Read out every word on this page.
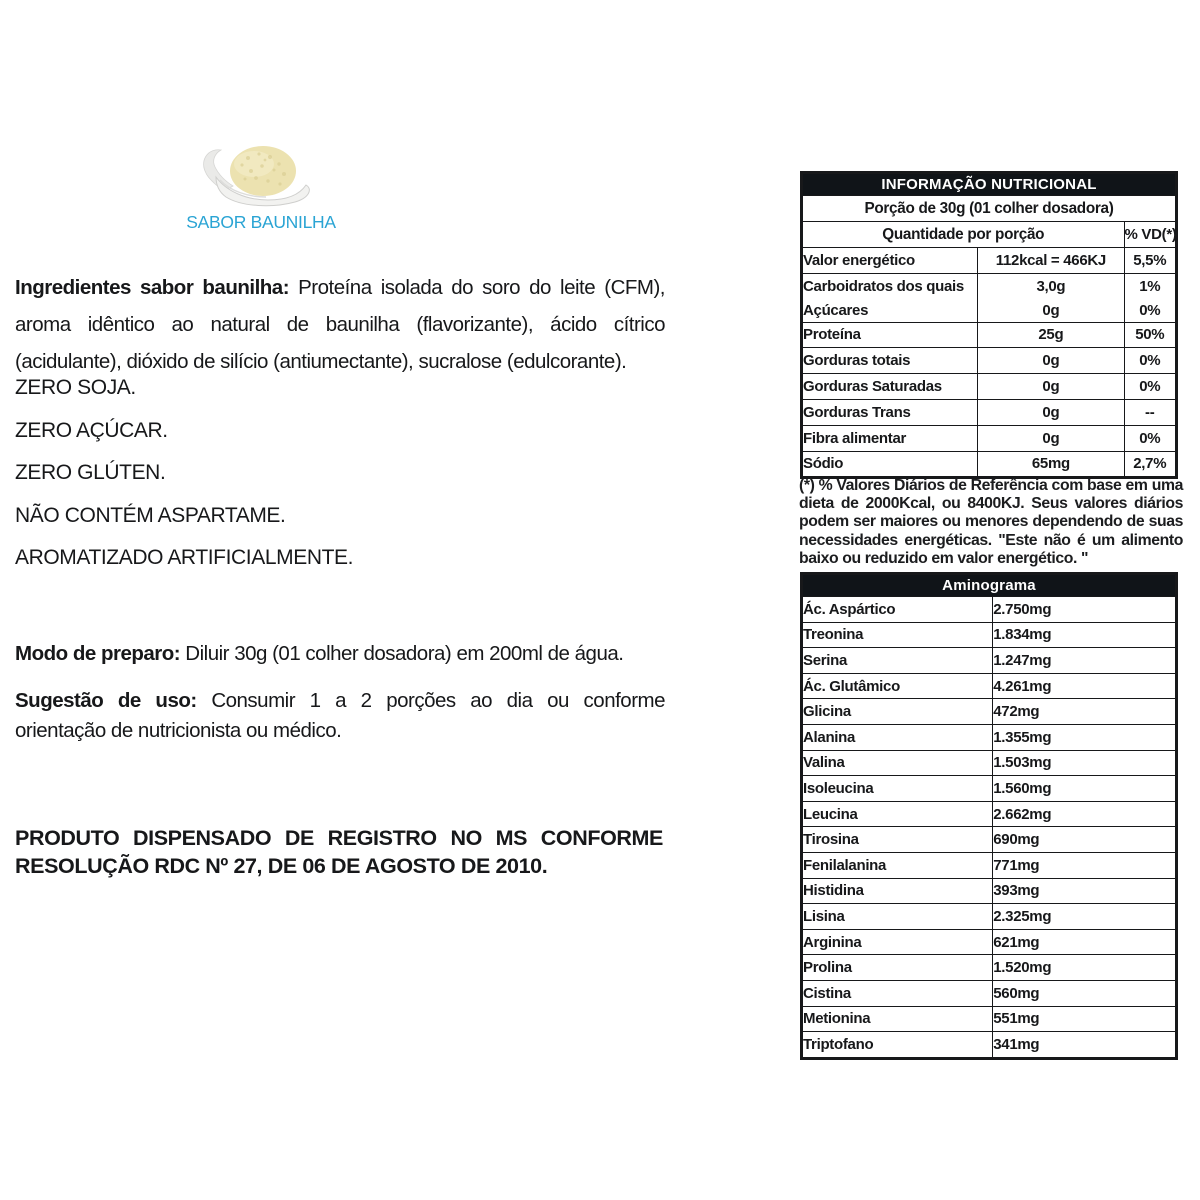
SABOR BAUNILHA
Ingredientes sabor baunilha: Proteína isolada do soro do leite (CFM),
aroma idêntico ao natural de baunilha (flavorizante), ácido cítrico
(acidulante), dióxido de silício (antiumectante), sucralose (edulcorante).
ZERO SOJA.
ZERO AÇÚCAR.
ZERO GLÚTEN.
NÃO CONTÉM ASPARTAME.
AROMATIZADO ARTIFICIALMENTE.
Modo de preparo: Diluir 30g (01 colher dosadora) em 200ml de água.
Sugestão de uso: Consumir 1 a 2 porções ao dia ou conforme
orientação de nutricionista ou médico.
PRODUTO DISPENSADO DE REGISTRO NO MS CONFORME
RESOLUÇÃO RDC Nº 27, DE 06 DE AGOSTO DE 2010.
INFORMAÇÃO NUTRICIONAL		

Porção de 30g (01 colher dosadora)		
Quantidade por porção		% VD(*)
Valor energético	112kcal = 466KJ	5,5%
Carboidratos dos quais	3,0g	1%
Açúcares	0g	0%
Proteína	25g	50%
Gorduras totais	0g	0%
Gorduras Saturadas	0g	0%
Gorduras Trans	0g	--
Fibra alimentar	0g	0%
Sódio	65mg	2,7%
(*) % Valores Diários de Referência com base em uma dieta de 2000Kcal, ou 8400KJ. Seus valores diários podem ser maiores ou menores dependendo de suas necessidades energéticas. "Este não é um alimento baixo ou reduzido em valor energético. "
Aminograma	

Ác. Aspártico	2.750mg
Treonina	1.834mg
Serina	1.247mg
Ác. Glutâmico	4.261mg
Glicina	472mg
Alanina	1.355mg
Valina	1.503mg
Isoleucina	1.560mg
Leucina	2.662mg
Tirosina	690mg
Fenilalanina	771mg
Histidina	393mg
Lisina	2.325mg
Arginina	621mg
Prolina	1.520mg
Cistina	560mg
Metionina	551mg
Triptofano	341mg
